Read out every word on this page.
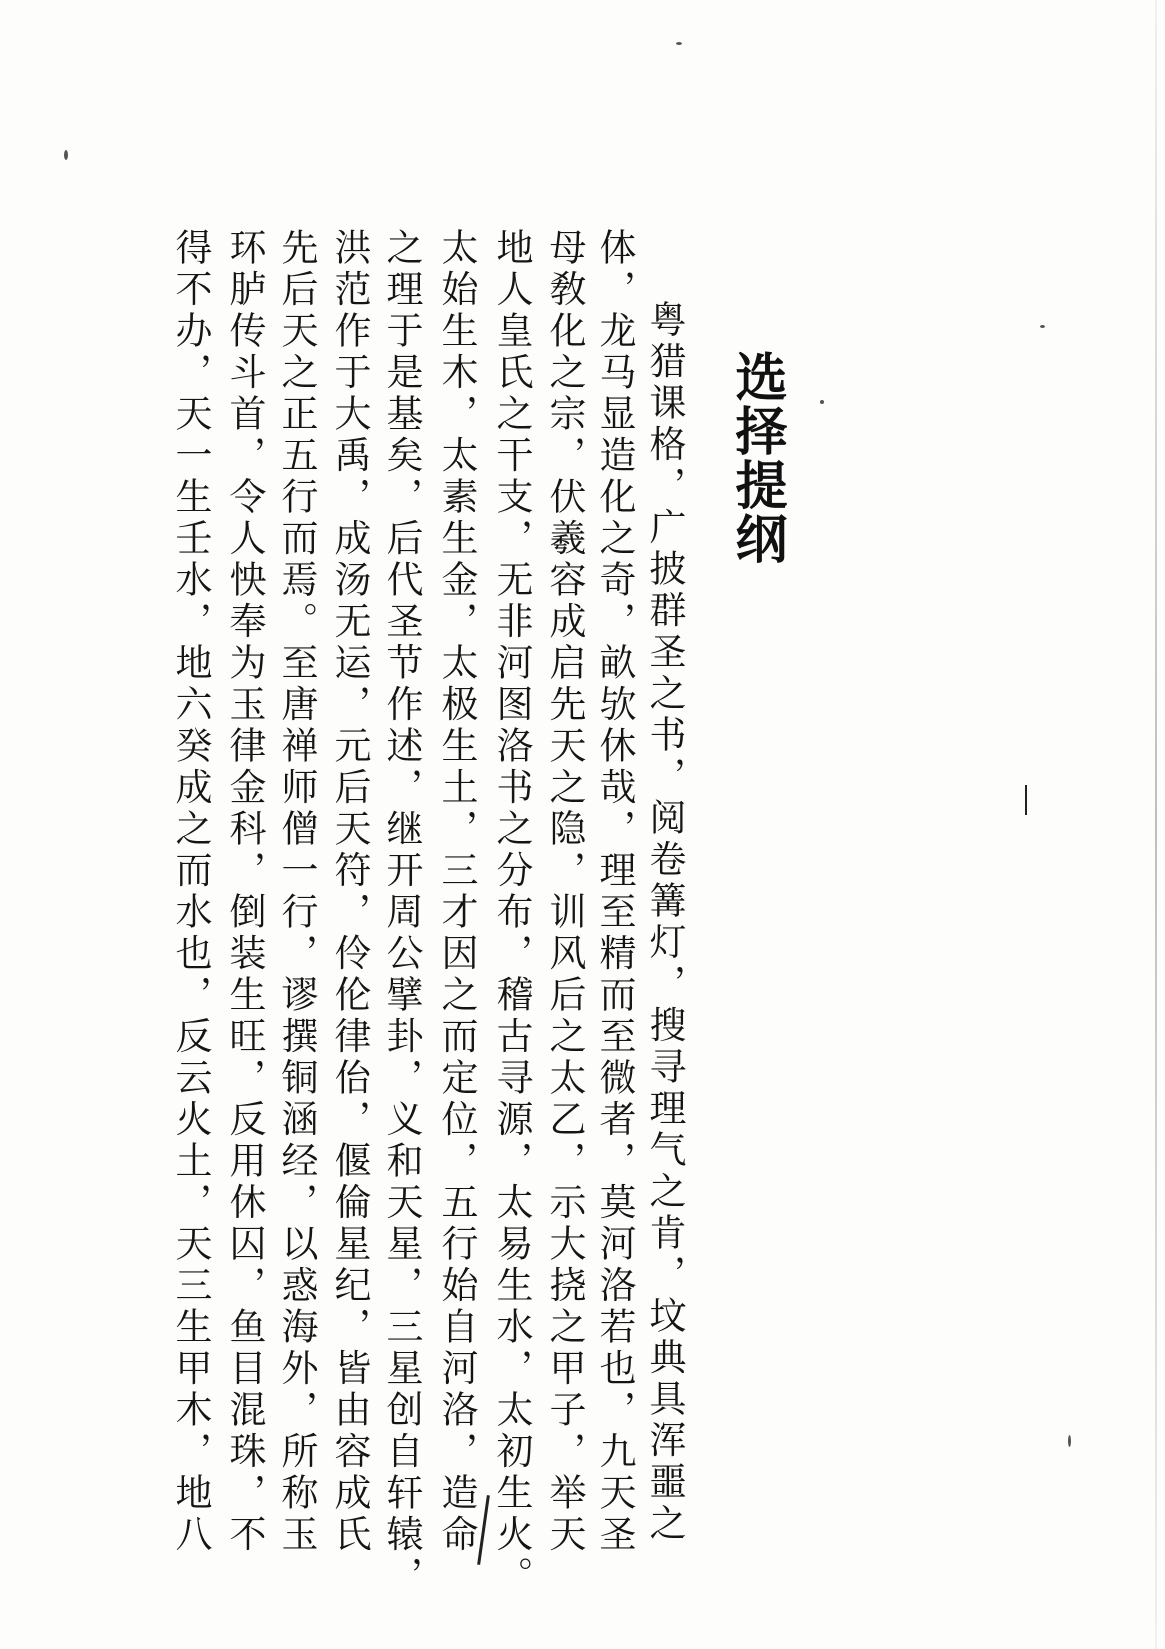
选择提纲
粤猎课格，广披群圣之书，阅卷篝灯，搜寻理气之肯，坟典具浑噩之
体，龙马显造化之奇，畝欤休哉，理至精而至微者，莫河洛若也，九天圣
母敎化之宗，伏羲容成启先天之隐，训风后之太乙，示大挠之甲子，举天
地人皇氏之干支，无非河图洛书之分布，稽古寻源，太易生水，太初生火。
太始生木，太素生金，太极生土，三才因之而定位，五行始自河洛，造命
之理于是基矣，后代圣节作述，继开周公擘卦，义和天星，三星创自轩辕，
洪范作于大禹，成汤无运，元后天符，伶伦律佁，偃倫星纪，皆由容成氏
先后天之正五行而焉。至唐禅师僧一行，谬撰铜涵经，以惑海外，所称玉
环胪传斗首，令人怏奉为玉律金科，倒装生旺，反用休囚，鱼目混珠，不
得不办，天一生壬水，地六癸成之而水也，反云火土，天三生甲木，地八
